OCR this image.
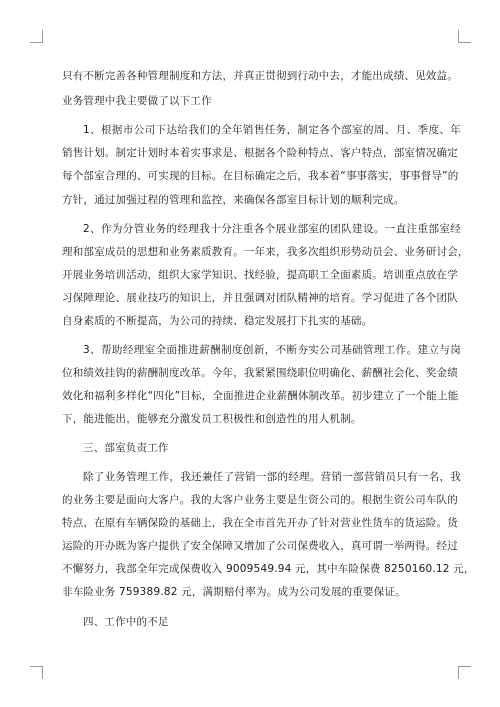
只有不断完善各种管理制度和方法，并真正贯彻到行动中去，才能出成绩、见效益。
业务管理中我主要做了以下工作
1、根据市公司下达给我们的全年销售任务，制定各个部室的周、月、季度、年
销售计划。制定计划时本着实事求是、根据各个险种特点、客户特点，部室情况确定
每个部室合理的、可实现的目标。在目标确定之后，我本着“事事落实，事事督导”的
方针，通过加强过程的管理和监控，来确保各部室目标计划的顺利完成。
2、作为分管业务的经理我十分注重各个展业部室的团队建设。一直注重部室经
理和部室成员的思想和业务素质教育。一年来，我多次组织形势动员会、业务研讨会，
开展业务培训活动，组织大家学知识、找经验，提高职工全面素质。培训重点放在学
习保障理论、展业技巧的知识上，并且强调对团队精神的培育。学习促进了各个团队
自身素质的不断提高，为公司的持续、稳定发展打下扎实的基础。
3、帮助经理室全面推进薪酬制度创新，不断夯实公司基础管理工作。建立与岗
位和绩效挂钩的薪酬制度改革。今年，我紧紧围绕职位明确化、薪酬社会化、奖金绩
效化和福利多样化“四化”目标，全面推进企业薪酬体制改革。初步建立了一个能上能
下，能进能出，能够充分激发员工积极性和创造性的用人机制。
三、部室负责工作
除了业务管理工作，我还兼任了营销一部的经理。营销一部营销员只有一名，我
的业务主要是面向大客户。我的大客户业务主要是生资公司的。根据生资公司车队的
特点，在原有车辆保险的基础上，我在全市首先开办了针对营业性货车的货运险。货
运险的开办既为客户提供了安全保障又增加了公司保费收入，真可谓一举两得。经过
不懈努力，我部全年完成保费收入 9009549.94 元，其中车险保费 8250160.12 元，
非车险业务 759389.82 元，满期赔付率为。成为公司发展的重要保证。
四、工作中的不足
